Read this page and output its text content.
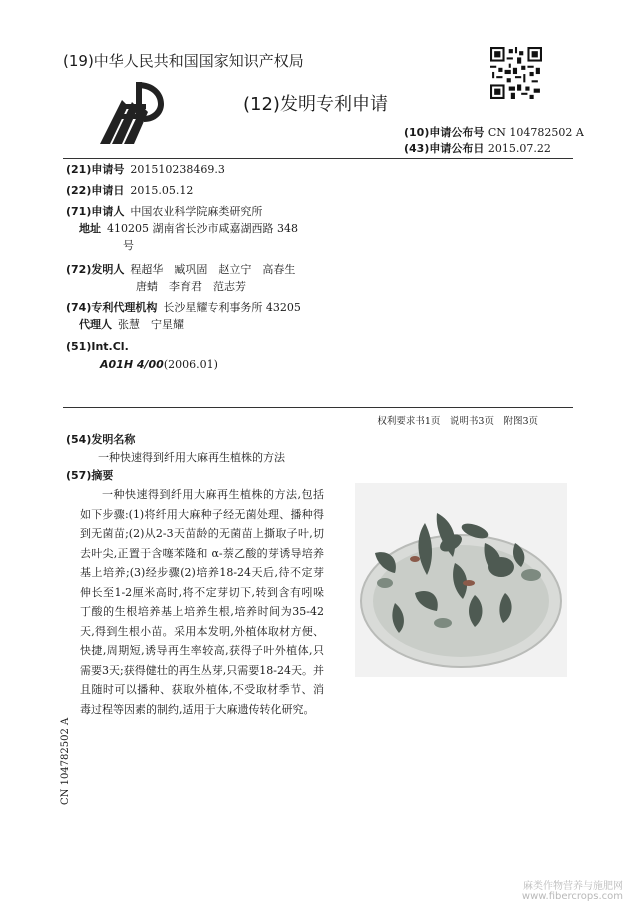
(19)中华人民共和国国家知识产权局
(12)发明专利申请
(10)申请公布号 CN 104782502 A
(43)申请公布日 2015.07.22
(21)申请号 201510238469.3
(22)申请日 2015.05.12
(71)申请人 中国农业科学院麻类研究所
地址 410205 湖南省长沙市咸嘉湖西路 348
号
(72)发明人 程超华　臧巩固　赵立宁　高春生
唐蜻　李育君　范志芳
(74)专利代理机构 长沙星耀专利事务所 43205
代理人 张慧　宁星耀
(51)Int.Cl.
A01H 4/00(2006.01)
权利要求书1页　说明书3页　附图3页
(54)发明名称
一种快速得到纤用大麻再生植株的方法
(57)摘要

一种快速得到纤用大麻再生植株的方法,包括如下步骤:(1)将纤用大麻种子经无菌处理、播种得到无菌苗;(2)从2-3天苗龄的无菌苗上撕取子叶,切去叶尖,正置于含噻苯隆和 α-萘乙酸的芽诱导培养基上培养;(3)经步骤(2)培养18-24天后,待不定芽伸长至1-2厘米高时,将不定芽切下,转到含有吲哚丁酸的生根培养基上培养生根,培养时间为35-42天,得到生根小苗。采用本发明,外植体取材方便、快捷,周期短,诱导再生率较高,获得子叶外植体,只需要3天;获得健壮的再生丛芽,只需要18-24天。并且随时可以播种、获取外植体,不受取材季节、消毒过程等因素的制约,适用于大麻遗传转化研究。

CN 104782502 A
麻类作物营养与施肥网
www.fibercrops.com
